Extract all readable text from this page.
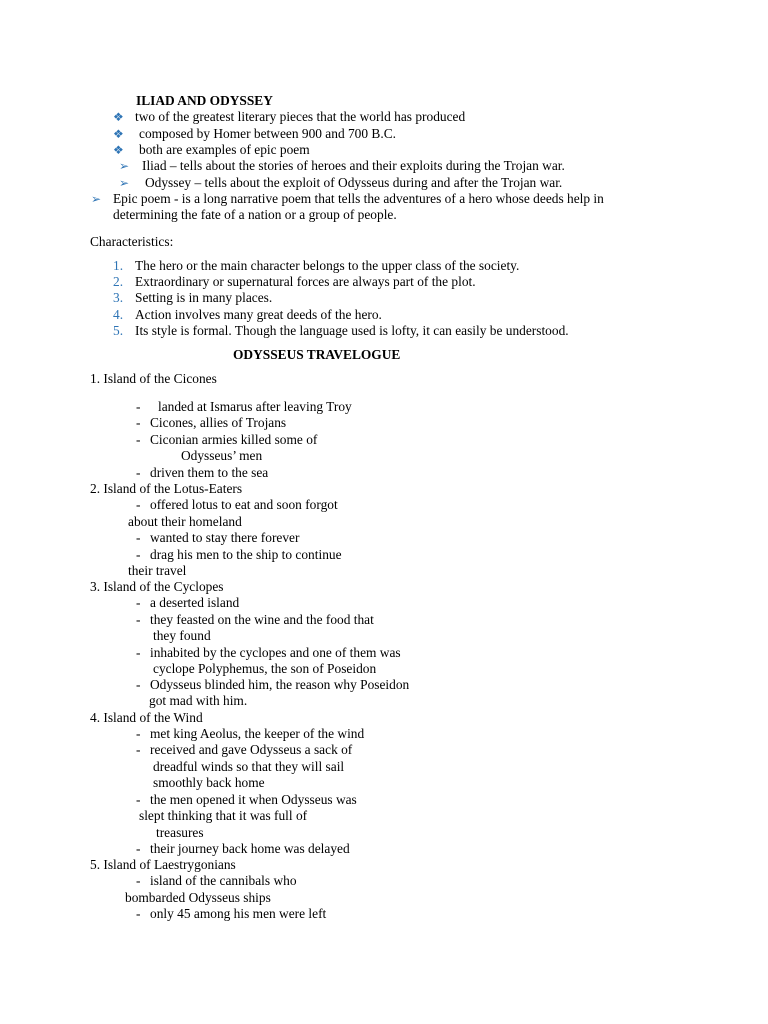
ILIAD AND ODYSSEY
❖ two of the greatest literary pieces that the world has produced
❖ composed by Homer between 900 and 700 B.C.
❖ both are examples of epic poem
➢ Iliad – tells about the stories of heroes and their exploits during the Trojan war.
➢ Odyssey – tells about the exploit of Odysseus during and after the Trojan war.
➢ Epic poem - is a long narrative poem that tells the adventures of a hero whose deeds help in
determining the fate of a nation or a group of people.
Characteristics:
1. The hero or the main character belongs to the upper class of the society.
2. Extraordinary or supernatural forces are always part of the plot.
3. Setting is in many places.
4. Action involves many great deeds of the hero.
5. Its style is formal. Though the language used is lofty, it can easily be understood.
ODYSSEUS TRAVELOGUE
1. Island of the Cicones
- landed at Ismarus after leaving Troy
- Cicones, allies of Trojans
- Ciconian armies killed some of
Odysseus’ men
- driven them to the sea
2. Island of the Lotus-Eaters
- offered lotus to eat and soon forgot
about their homeland
- wanted to stay there forever
- drag his men to the ship to continue
their travel
3. Island of the Cyclopes
- a deserted island
- they feasted on the wine and the food that
they found
- inhabited by the cyclopes and one of them was
cyclope Polyphemus, the son of Poseidon
- Odysseus blinded him, the reason why Poseidon
got mad with him.
4. Island of the Wind
- met king Aeolus, the keeper of the wind
- received and gave Odysseus a sack of
dreadful winds so that they will sail
smoothly back home
- the men opened it when Odysseus was
slept thinking that it was full of
treasures
- their journey back home was delayed
5. Island of Laestrygonians
- island of the cannibals who
bombarded Odysseus ships
- only 45 among his men were left
